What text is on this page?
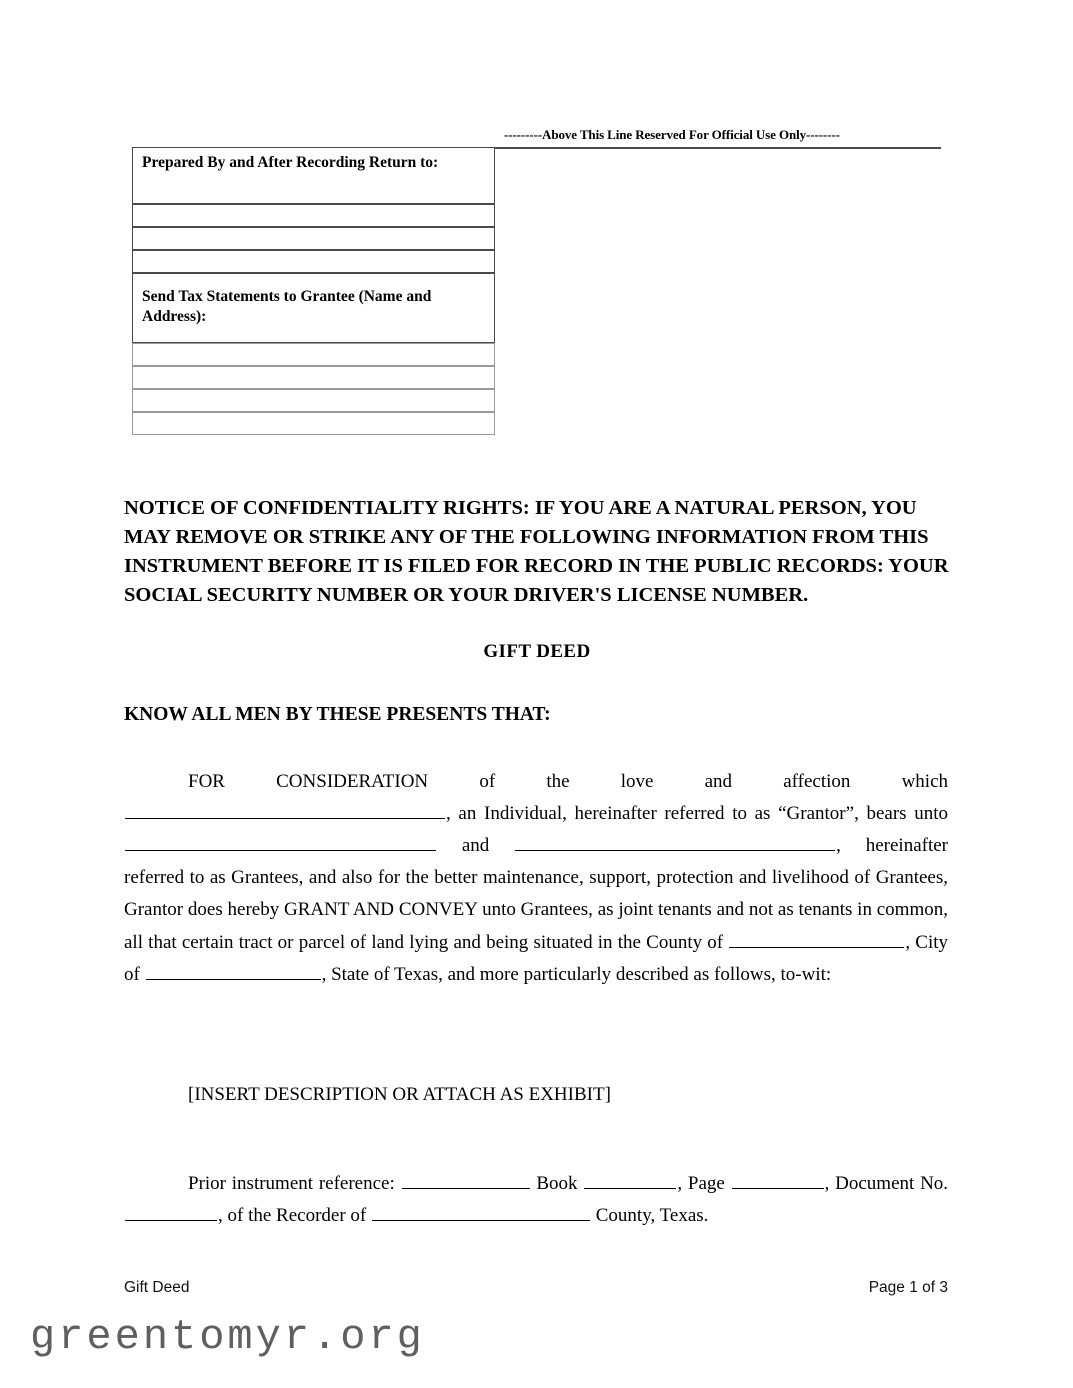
Prepared By and After Recording Return to:

---------Above This Line Reserved For Official Use Only--------

Send Tax Statements to Grantee (Name and Address):

NOTICE OF CONFIDENTIALITY RIGHTS: IF YOU ARE A NATURAL PERSON, YOU MAY REMOVE OR STRIKE ANY OF THE FOLLOWING INFORMATION FROM THIS INSTRUMENT BEFORE IT IS FILED FOR RECORD IN THE PUBLIC RECORDS: YOUR SOCIAL SECURITY NUMBER OR YOUR DRIVER'S LICENSE NUMBER.
GIFT DEED
KNOW ALL MEN BY THESE PRESENTS THAT:
FOR CONSIDERATION of the love and affection which , an Individual, hereinafter referred to as “Grantor”, bears unto  and	, hereinafter referred to as Grantees, and also for the better maintenance, support, protection and livelihood of Grantees, Grantor does hereby GRANT AND CONVEY unto Grantees, as joint tenants and not as tenants in common, all that certain tract or parcel of land lying and being situated in the County of	, City of	, State of Texas, and more particularly described as follows, to-wit:
[INSERT DESCRIPTION OR ATTACH AS EXHIBIT]
Prior instrument reference:	Book	, Page	, Document No. , of the Recorder of	County, Texas.
Gift Deed	Page 1 of 3
greentomyr.org
